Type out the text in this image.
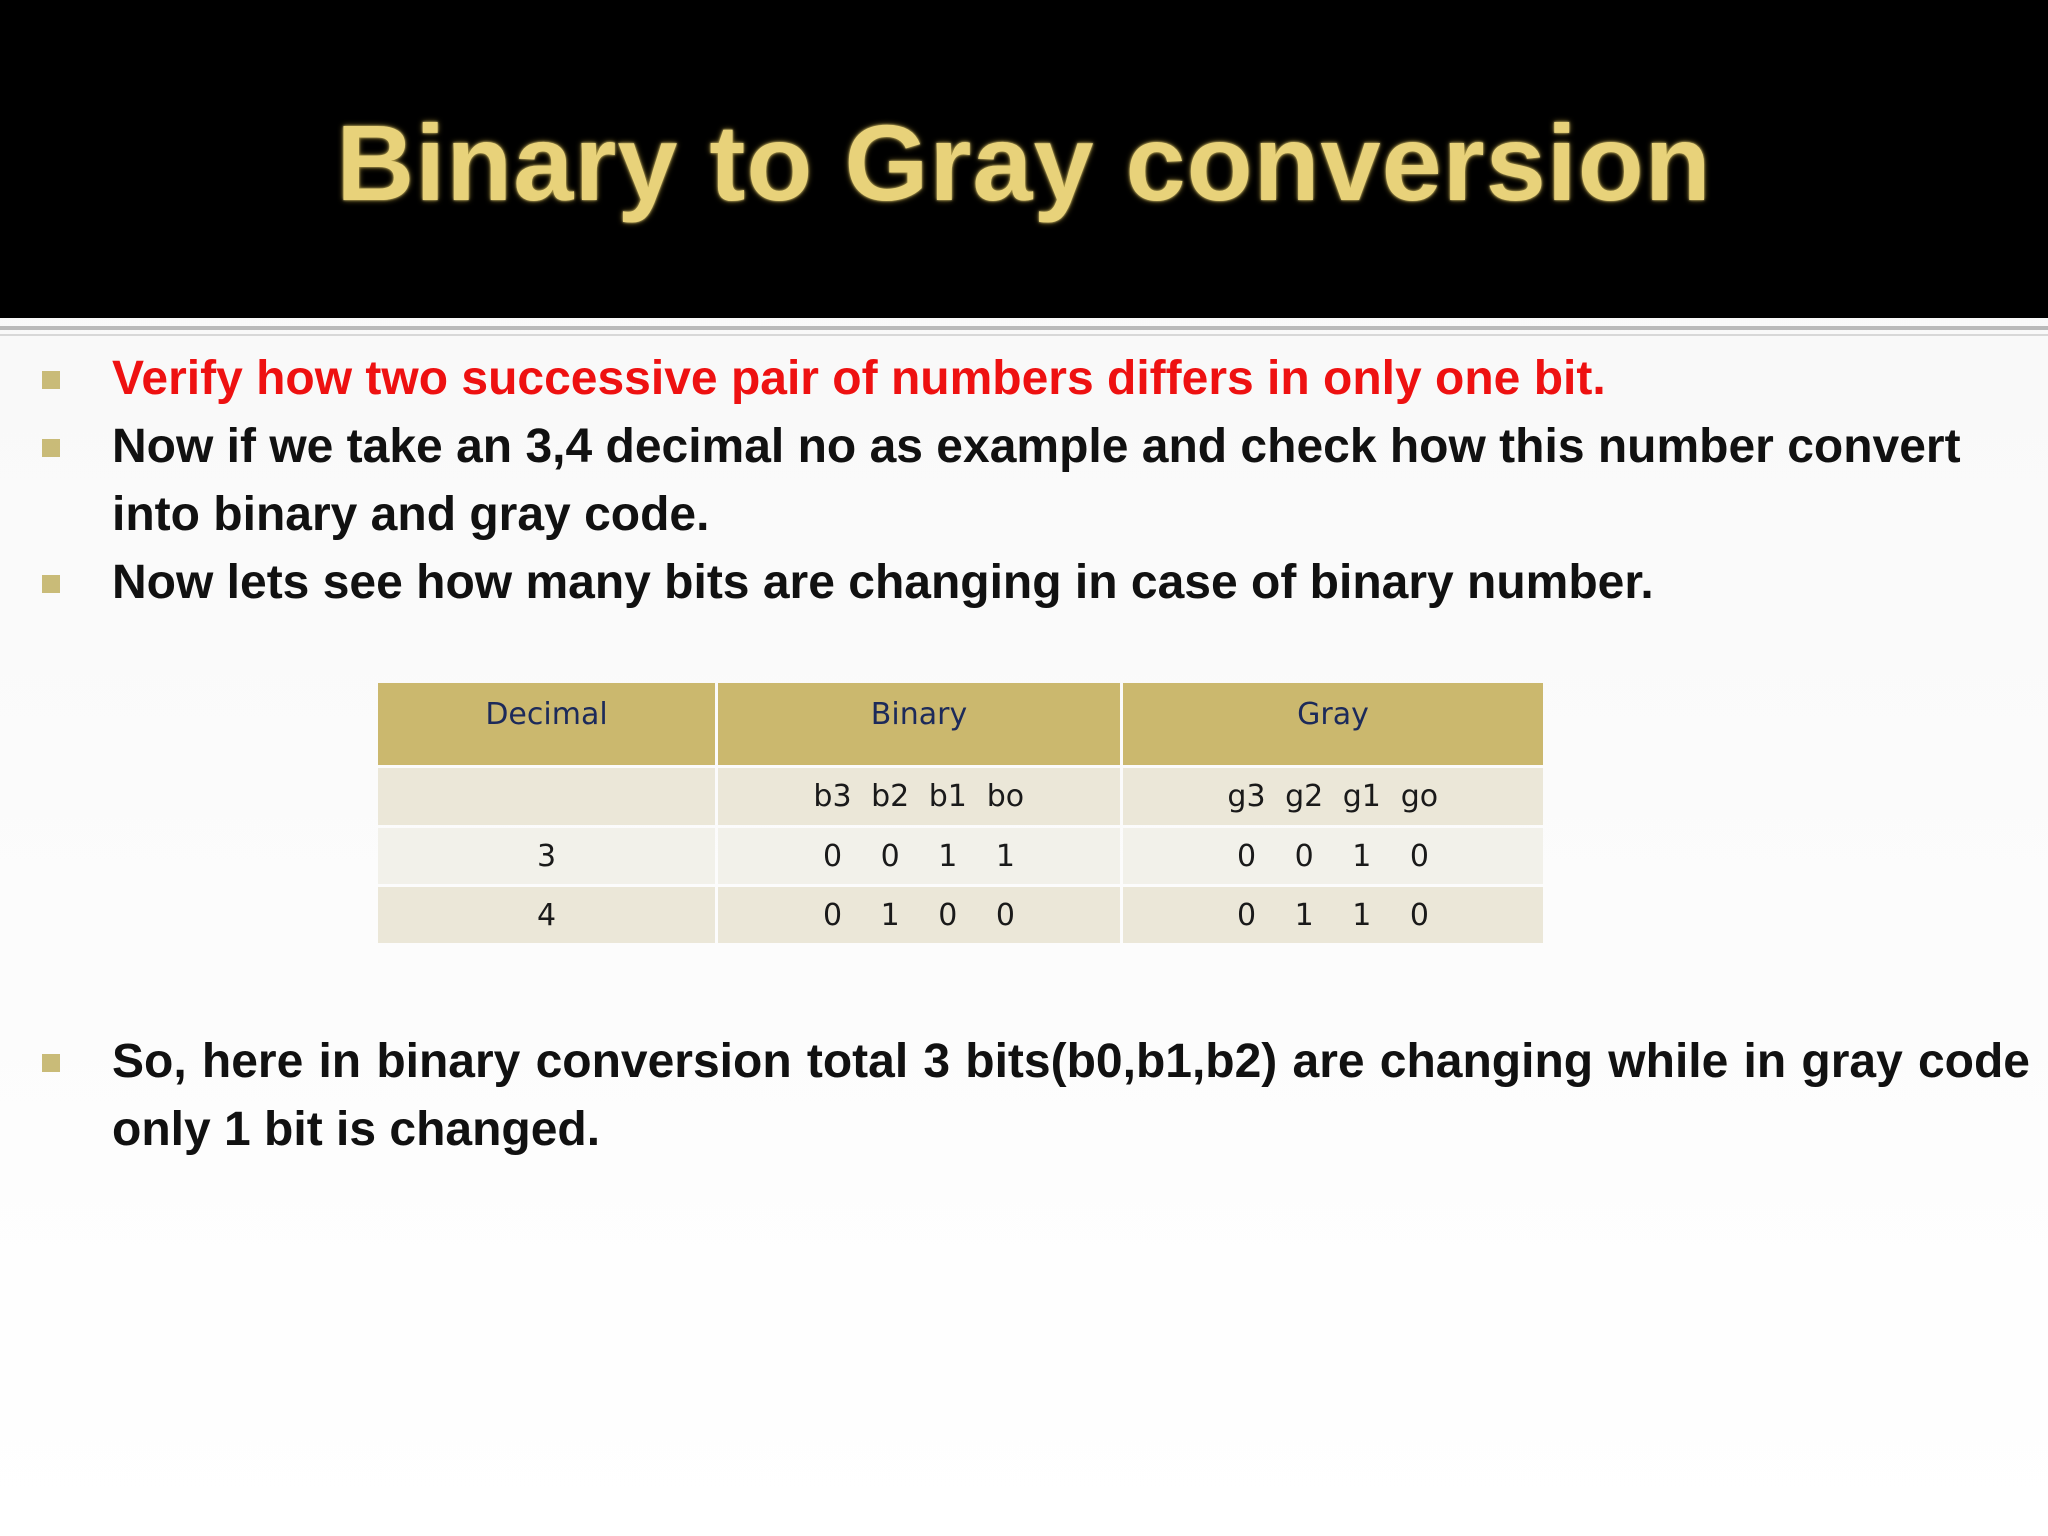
Binary to Gray conversion
Verify how two successive pair of numbers differs in only one bit.
Now if we take an 3,4 decimal no as example and check how this number convert into binary and gray code.
Now lets see how many bits are changing in case of binary number.
Decimal	Binary	Gray

	b3 b2 b1 bo	g3 g2 g1 go

3	0 0 1 1	0 0 1 0

4	0 1 0 0	0 1 1 0
So, here in binary conversion total 3 bits(b0,b1,b2) are changing while in gray code only 1 bit is changed.
